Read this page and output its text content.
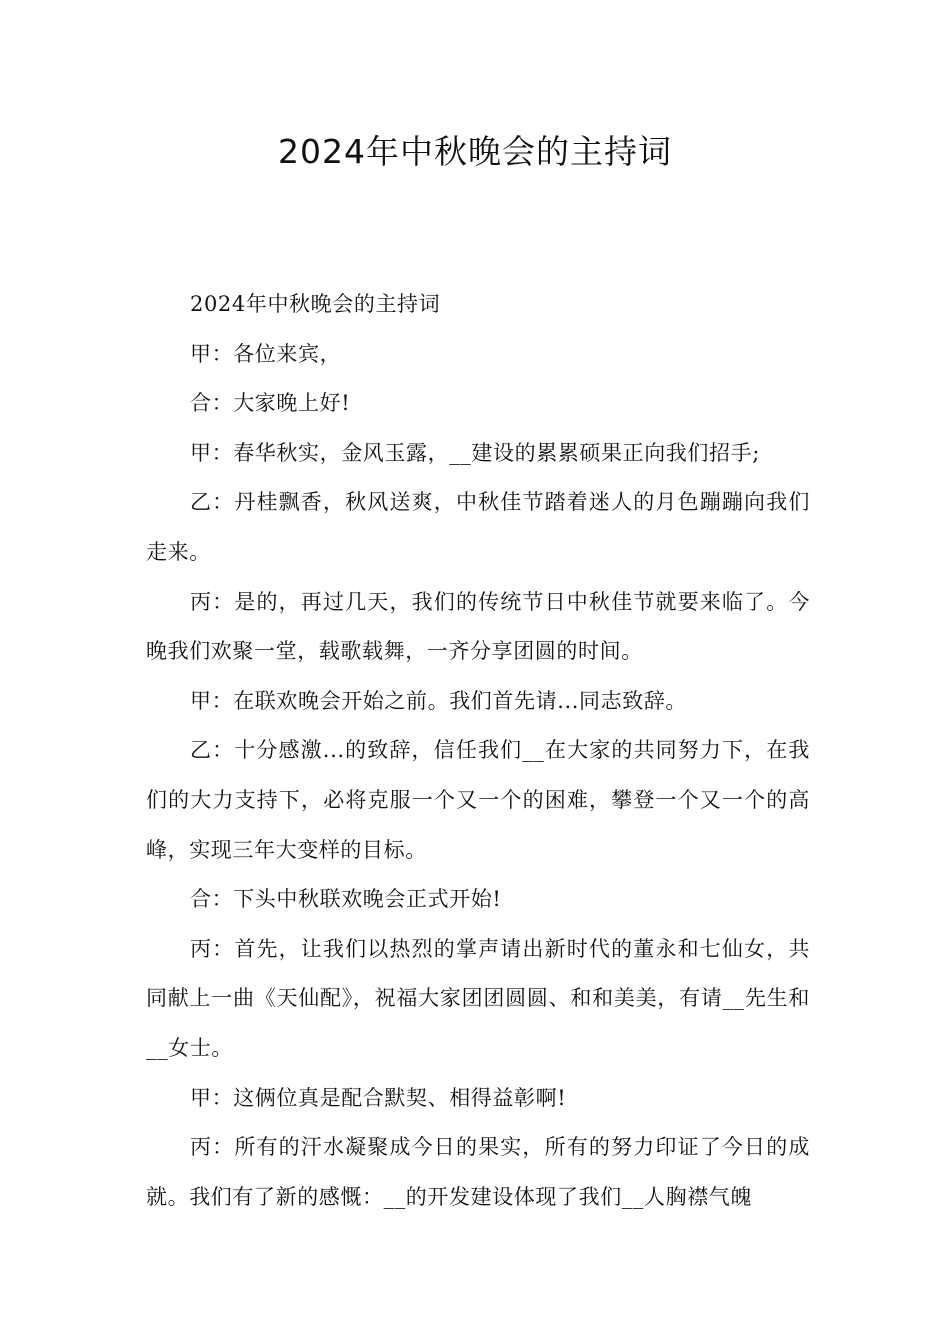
2024年中秋晚会的主持词

2024年中秋晚会的主持词

甲：各位来宾，

合：大家晚上好!

甲：春华秋实，金风玉露，__建设的累累硕果正向我们招手;

乙：丹桂飘香，秋风送爽，中秋佳节踏着迷人的月色蹦蹦向我们走来。

丙：是的，再过几天，我们的传统节日中秋佳节就要来临了。今晚我们欢聚一堂，载歌载舞，一齐分享团圆的时间。

甲：在联欢晚会开始之前。我们首先请...同志致辞。

乙：十分感激...的致辞，信任我们__在大家的共同努力下，在我们的大力支持下，必将克服一个又一个的困难，攀登一个又一个的高峰，实现三年大变样的目标。

合：下头中秋联欢晚会正式开始!

丙：首先，让我们以热烈的掌声请出新时代的董永和七仙女，共同献上一曲《天仙配》，祝福大家团团圆圆、和和美美，有请__先生和__女士。

甲：这俩位真是配合默契、相得益彰啊!

丙：所有的汗水凝聚成今日的果实，所有的努力印证了今日的成就。我们有了新的感慨：__的开发建设体现了我们__人胸襟气魄
